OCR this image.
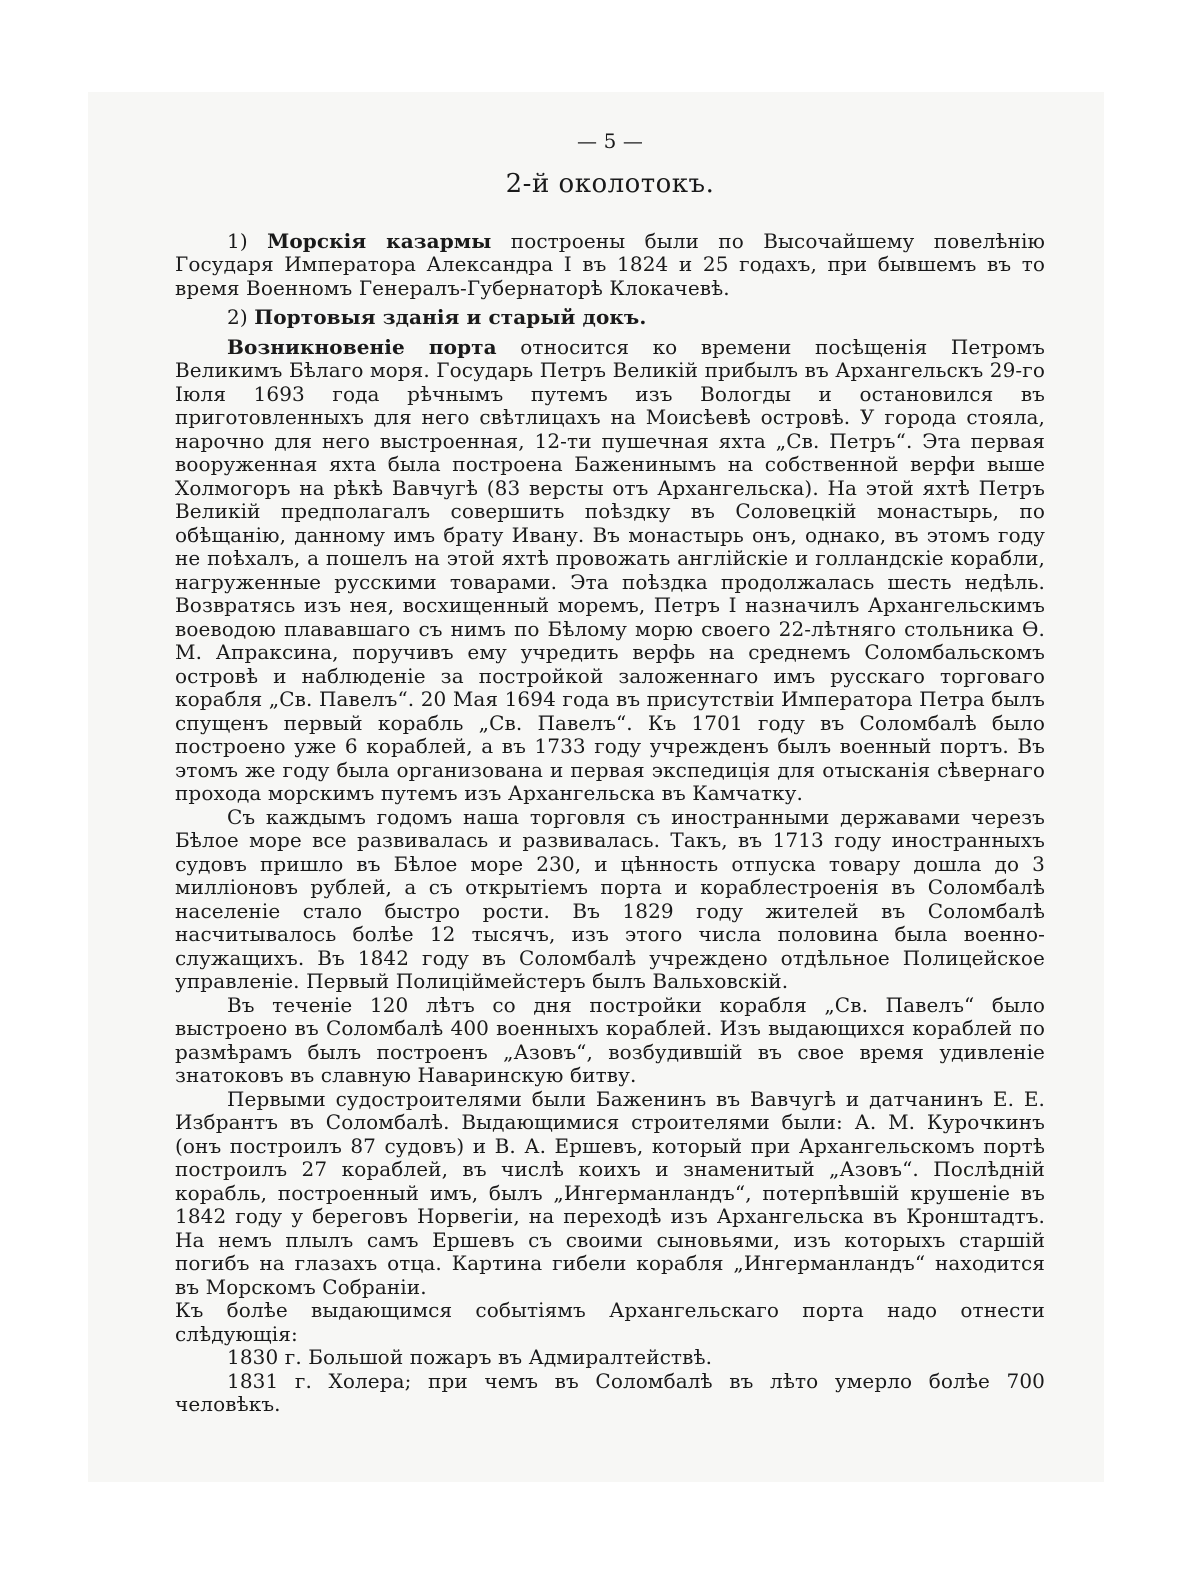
— 5 —

2-й околотокъ.

1) Морскія казармы построены были по Высочайшему повелѣнію Государя Императора Александра I въ 1824 и 25 годахъ, при бывшемъ въ то время Военномъ Генералъ-Губернаторѣ Клокачевѣ.

2) Портовыя зданія и старый докъ.

Возникновеніе порта относится ко времени посѣщенія Петромъ Великимъ Бѣлаго моря. Государь Петръ Великій прибылъ въ Архангельскъ 29-го Іюля 1693 года рѣчнымъ путемъ изъ Вологды и остановился въ приготовленныхъ для него свѣтлицахъ на Моисѣевѣ островѣ. У города стояла, нарочно для него выстроенная, 12-ти пушечная яхта „Св. Петръ“. Эта первая вооруженная яхта была построена Баженинымъ на собственной верфи выше Холмогоръ на рѣкѣ Вавчугѣ (83 версты отъ Архангельска). На этой яхтѣ Петръ Великій предполагалъ совершить поѣздку въ Соловецкій монастырь, по обѣщанію, данному имъ брату Ивану. Въ монастырь онъ, однако, въ этомъ году не поѣхалъ, а пошелъ на этой яхтѣ провожать англійскіе и голландскіе корабли, нагруженные русскими товарами. Эта поѣздка продолжалась шесть недѣль. Возвратясь изъ нея, восхищенный моремъ, Петръ I назначилъ Архангельскимъ воеводою плававшаго съ нимъ по Бѣлому морю своего 22-лѣтняго стольника Ѳ. М. Апраксина, поручивъ ему учредить верфь на среднемъ Соломбальскомъ островѣ и наблюденіе за постройкой заложеннаго имъ русскаго торговаго корабля „Св. Павелъ“. 20 Мая 1694 года въ присутствіи Императора Петра былъ спущенъ первый корабль „Св. Павелъ“. Къ 1701 году въ Соломбалѣ было построено уже 6 кораблей, а въ 1733 году учрежденъ былъ военный портъ. Въ этомъ же году была организована и первая экспедиція для отысканія сѣвернаго прохода морскимъ путемъ изъ Архангельска въ Камчатку.

Съ каждымъ годомъ наша торговля съ иностранными державами черезъ Бѣлое море все развивалась и развивалась. Такъ, въ 1713 году иностранныхъ судовъ пришло въ Бѣлое море 230, и цѣнность отпуска товару дошла до 3 милліоновъ рублей, а съ открытіемъ порта и кораблестроенія въ Соломбалѣ населеніе стало быстро рости. Въ 1829 году жителей въ Соломбалѣ насчитывалось болѣе 12 тысячъ, изъ этого числа половина была военно-служащихъ. Въ 1842 году въ Соломбалѣ учреждено отдѣльное Полицейское управленіе. Первый Полицiймейстеръ былъ Вальховскій.

Въ теченіе 120 лѣтъ со дня постройки корабля „Св. Павелъ“ было выстроено въ Соломбалѣ 400 военныхъ кораблей. Изъ выдающихся кораблей по размѣрамъ былъ построенъ „Азовъ“, возбудившій въ свое время удивленіе знатоковъ въ славную Наваринскую битву.

Первыми судостроителями были Баженинъ въ Вавчугѣ и датчанинъ Е. Е. Избрантъ въ Соломбалѣ. Выдающимися строителями были: А. М. Курочкинъ (онъ построилъ 87 судовъ) и В. А. Ершевъ, который при Архангельскомъ портѣ построилъ 27 кораблей, въ числѣ коихъ и знаменитый „Азовъ“. Послѣдній корабль, построенный имъ, былъ „Ингерманландъ“, потерпѣвшій крушеніе въ 1842 году у береговъ Норвегіи, на переходѣ изъ Архангельска въ Кронштадтъ. На немъ плылъ самъ Ершевъ съ своими сыновьями, изъ которыхъ старшій погибъ на глазахъ отца. Картина гибели корабля „Ингерманландъ“ находится въ Морскомъ Собраніи.

Къ болѣе выдающимся событіямъ Архангельскаго порта надо отнести слѣдующія:

1830 г. Большой пожаръ въ Адмиралтействѣ.

1831 г. Холера; при чемъ въ Соломбалѣ въ лѣто умерло болѣе 700 человѣкъ.
